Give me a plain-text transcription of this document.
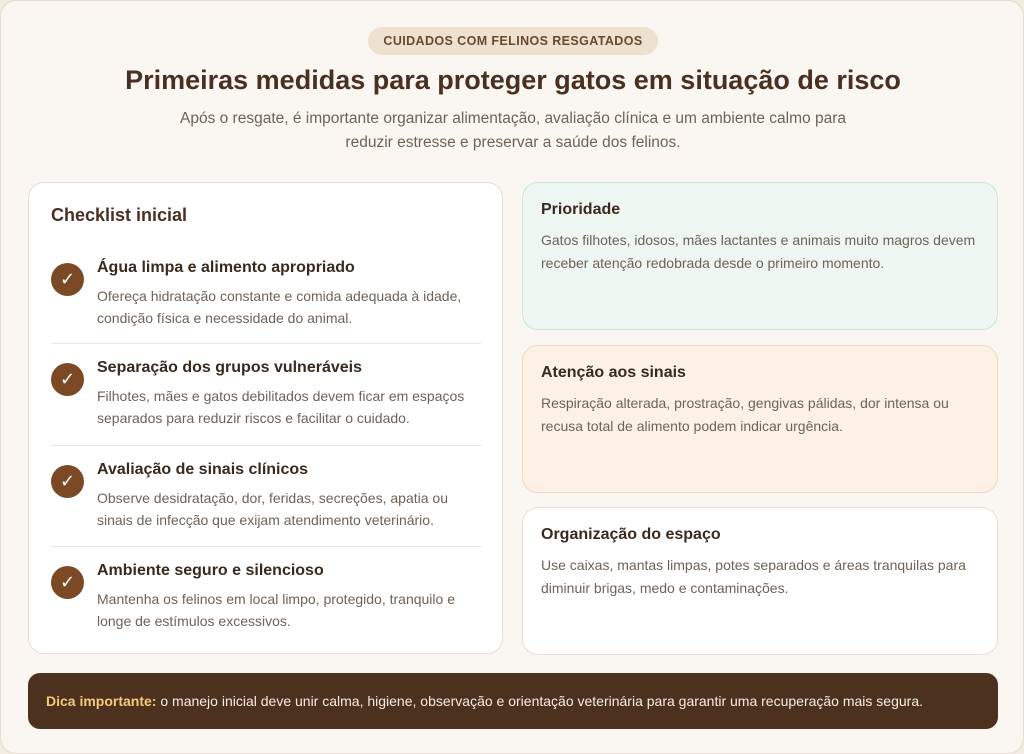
CUIDADOS COM FELINOS RESGATADOS
Primeiras medidas para proteger gatos em situação de risco

Após o resgate, é importante organizar alimentação, avaliação clínica e um ambiente calmo para reduzir estresse e preservar a saúde dos felinos.

Checklist inicial
✓
Água limpa e alimento apropriado

Ofereça hidratação constante e comida adequada à idade, condição física e necessidade do animal.

✓
Separação dos grupos vulneráveis

Filhotes, mães e gatos debilitados devem ficar em espaços separados para reduzir riscos e facilitar o cuidado.

✓
Avaliação de sinais clínicos

Observe desidratação, dor, feridas, secreções, apatia ou sinais de infecção que exijam atendimento veterinário.

✓
Ambiente seguro e silencioso

Mantenha os felinos em local limpo, protegido, tranquilo e longe de estímulos excessivos.

Prioridade

Gatos filhotes, idosos, mães lactantes e animais muito magros devem receber atenção redobrada desde o primeiro momento.

Atenção aos sinais

Respiração alterada, prostração, gengivas pálidas, dor intensa ou recusa total de alimento podem indicar urgência.

Organização do espaço

Use caixas, mantas limpas, potes separados e áreas tranquilas para diminuir brigas, medo e contaminações.

Dica importante: o manejo inicial deve unir calma, higiene, observação e orientação veterinária para garantir uma recuperação mais segura.
